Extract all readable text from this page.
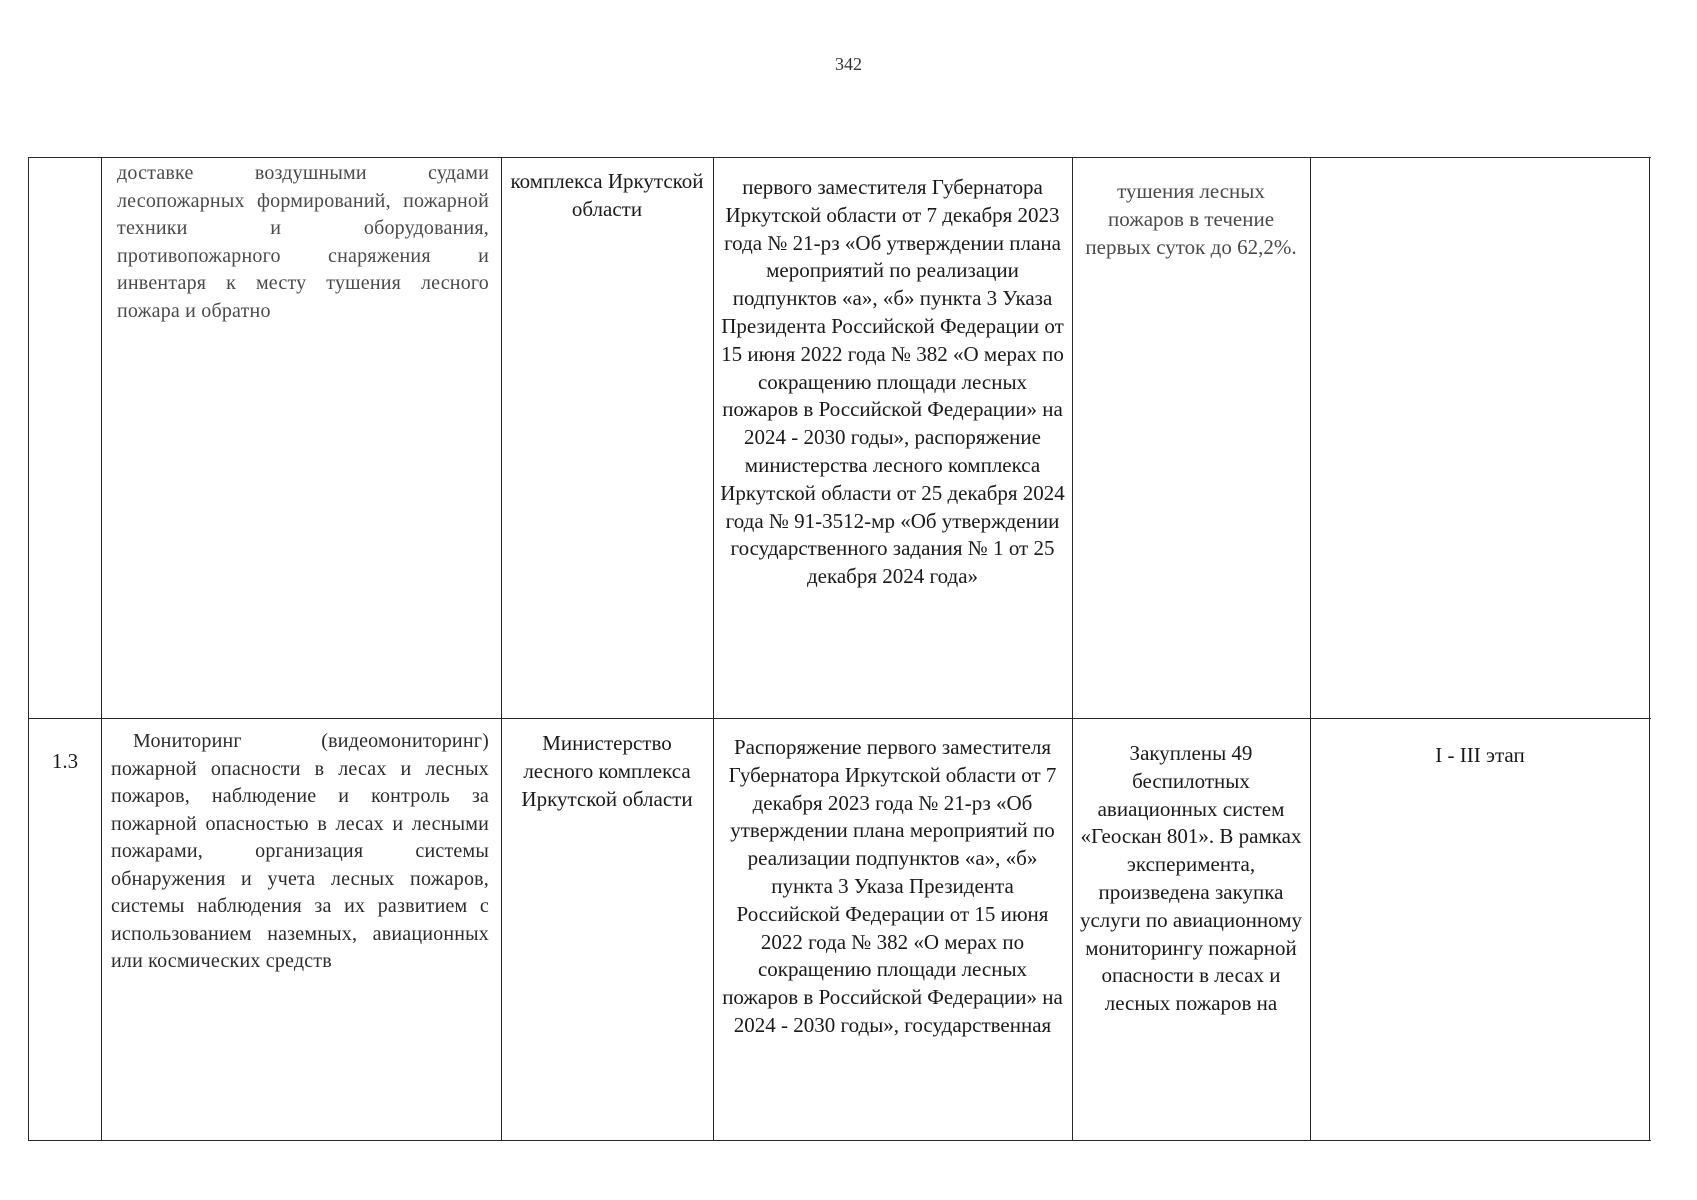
342
доставке воздушными судами лесопожарных формирований, пожарной техники и оборудования, противопожарного снаряжения и инвентаря к месту тушения лесного пожара и обратно
комплекса Иркутской области
первого заместителя Губернатора Иркутской области от 7 декабря 2023 года № 21-рз «Об утверждении плана мероприятий по реализации подпунктов «а», «б» пункта 3 Указа Президента Российской Федерации от 15 июня 2022 года № 382 «О мерах по сокращению площади лесных пожаров в Российской Федерации» на 2024 - 2030 годы», распоряжение министерства лесного комплекса Иркутской области от 25 декабря 2024 года № 91-3512-мр «Об утверждении государственного задания № 1 от 25 декабря 2024 года»
тушения лесных пожаров в течение первых суток до 62,2%.
1.3
Мониторинг (видеомониторинг) пожарной опасности в лесах и лесных пожаров, наблюдение и контроль за пожарной опасностью в лесах и лесными пожарами, организация системы обнаружения и учета лесных пожаров, системы наблюдения за их развитием с использованием наземных, авиационных или космических средств
Министерство лесного комплекса Иркутской области
Распоряжение первого заместителя Губернатора Иркутской области от 7 декабря 2023 года № 21-рз «Об утверждении плана мероприятий по реализации подпунктов «а», «б» пункта 3 Указа Президента Российской Федерации от 15 июня 2022 года № 382 «О мерах по сокращению площади лесных пожаров в Российской Федерации» на 2024 - 2030 годы», государственная
Закуплены 49 беспилотных авиационных систем «Геоскан 801». В рамках эксперимента, произведена закупка услуги по авиационному мониторингу пожарной опасности в лесах и лесных пожаров на
I - III этап
